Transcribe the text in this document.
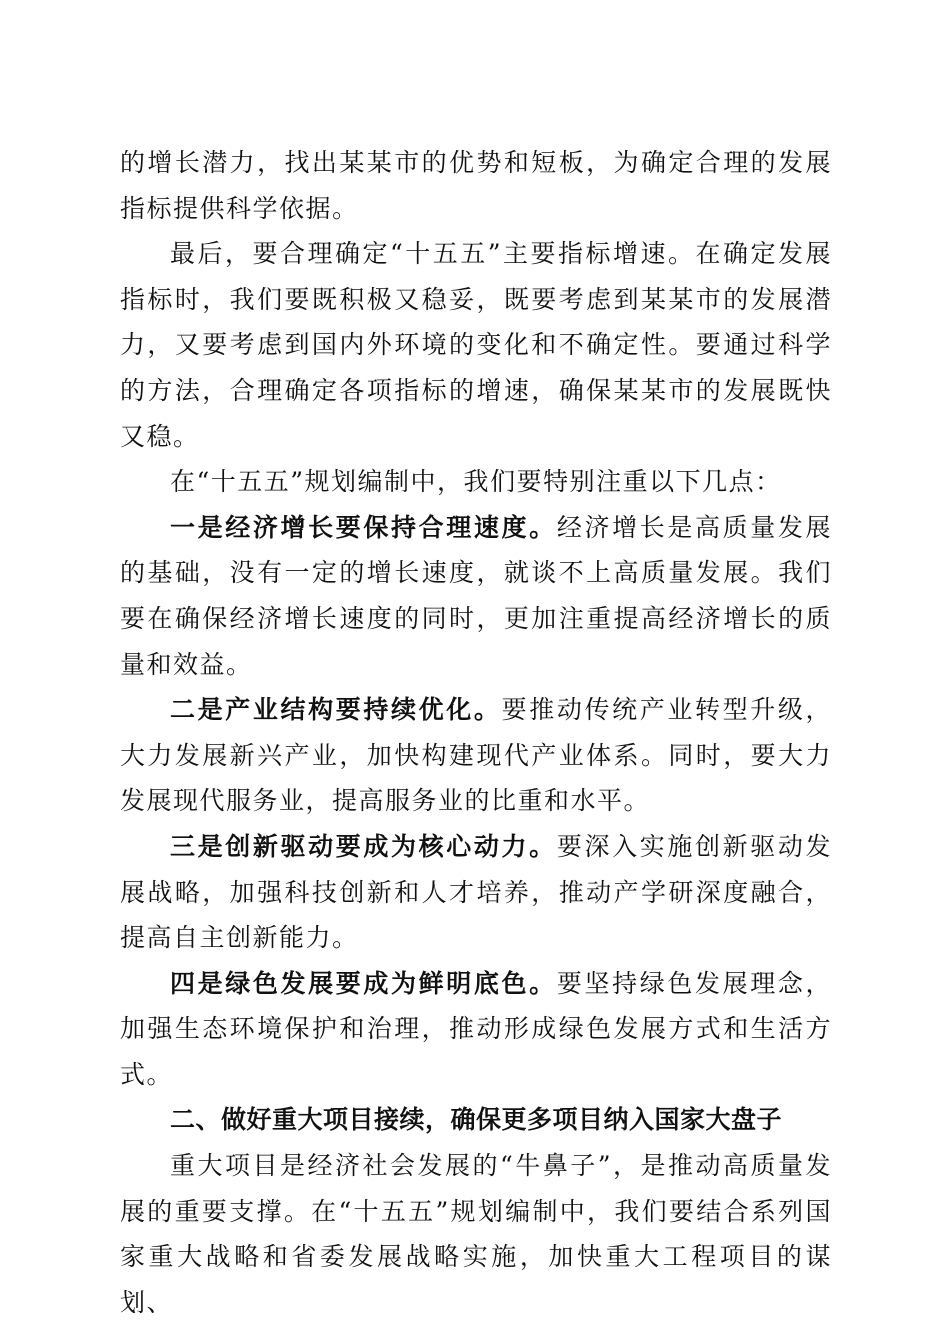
的增长潜力，找出某某市的优势和短板，为确定合理的发展指标提供科学依据。

最后，要合理确定“十五五”主要指标增速。在确定发展指标时，我们要既积极又稳妥，既要考虑到某某市的发展潜力，又要考虑到国内外环境的变化和不确定性。要通过科学的方法，合理确定各项指标的增速，确保某某市的发展既快又稳。

在“十五五”规划编制中，我们要特别注重以下几点：

一是经济增长要保持合理速度。经济增长是高质量发展的基础，没有一定的增长速度，就谈不上高质量发展。我们要在确保经济增长速度的同时，更加注重提高经济增长的质量和效益。

二是产业结构要持续优化。要推动传统产业转型升级，大力发展新兴产业，加快构建现代产业体系。同时，要大力发展现代服务业，提高服务业的比重和水平。

三是创新驱动要成为核心动力。要深入实施创新驱动发展战略，加强科技创新和人才培养，推动产学研深度融合，提高自主创新能力。

四是绿色发展要成为鲜明底色。要坚持绿色发展理念，加强生态环境保护和治理，推动形成绿色发展方式和生活方式。

二、做好重大项目接续，确保更多项目纳入国家大盘子

重大项目是经济社会发展的“牛鼻子”，是推动高质量发展的重要支撑。在“十五五”规划编制中，我们要结合系列国家重大战略和省委发展战略实施，加快重大工程项目的谋划、
